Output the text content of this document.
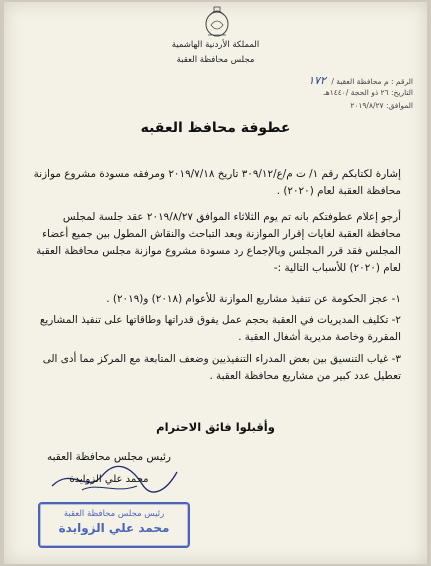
المملكة الأردنية الهاشمية
مجلس محافظة العقبة
الرقم : م محافظة العقبة / ١٧٢
التاريخ: ٢٦ ذو الحجة /١٤٤٠هـ
الموافق: ٢٠١٩/٨/٢٧
عطوفة محافظ العقبه
إشارة لكتابكم رقم ١/ ت م/ع/٣٠٩/١٢ تاريخ ٢٠١٩/٧/١٨ ومرفقه مسودة مشروع موازنة محافظة العقبة لعام (٢٠٢٠) .
أرجو إعلام عطوفتكم بانه تم يوم الثلاثاء الموافق ٢٠١٩/٨/٢٧ عقد جلسة لمجلس محافظة العقبة لغايات إقرار الموازنة وبعد التباحث والنقاش المطول بين جميع أعضاء المجلس فقد قرر المجلس وبالإجماع رد مسودة مشروع موازنة مجلس محافظة العقبة لعام (٢٠٢٠) للأسباب التالية :-
١- عجز الحكومة عن تنفيذ مشاريع الموازنة للأعوام (٢٠١٨) و(٢٠١٩) .
٢- تكليف المديريات في العقبة بحجم عمل يفوق قدراتها وطاقاتها على تنفيذ المشاريع المقررة وخاصة مديرية أشغال العقبة .
٣- غياب التنسيق بين بعض المدراء التنفيذيين وضعف المتابعة مع المركز مما أدى الى تعطيل عدد كبير من مشاريع محافظة العقبة .
وأقبلوا فائق الاحترام
رئيس مجلس محافظة العقبه
محمد علي الزوايدة
رئيس مجلس محافظة العقبة
محمد علي الزوايدة
